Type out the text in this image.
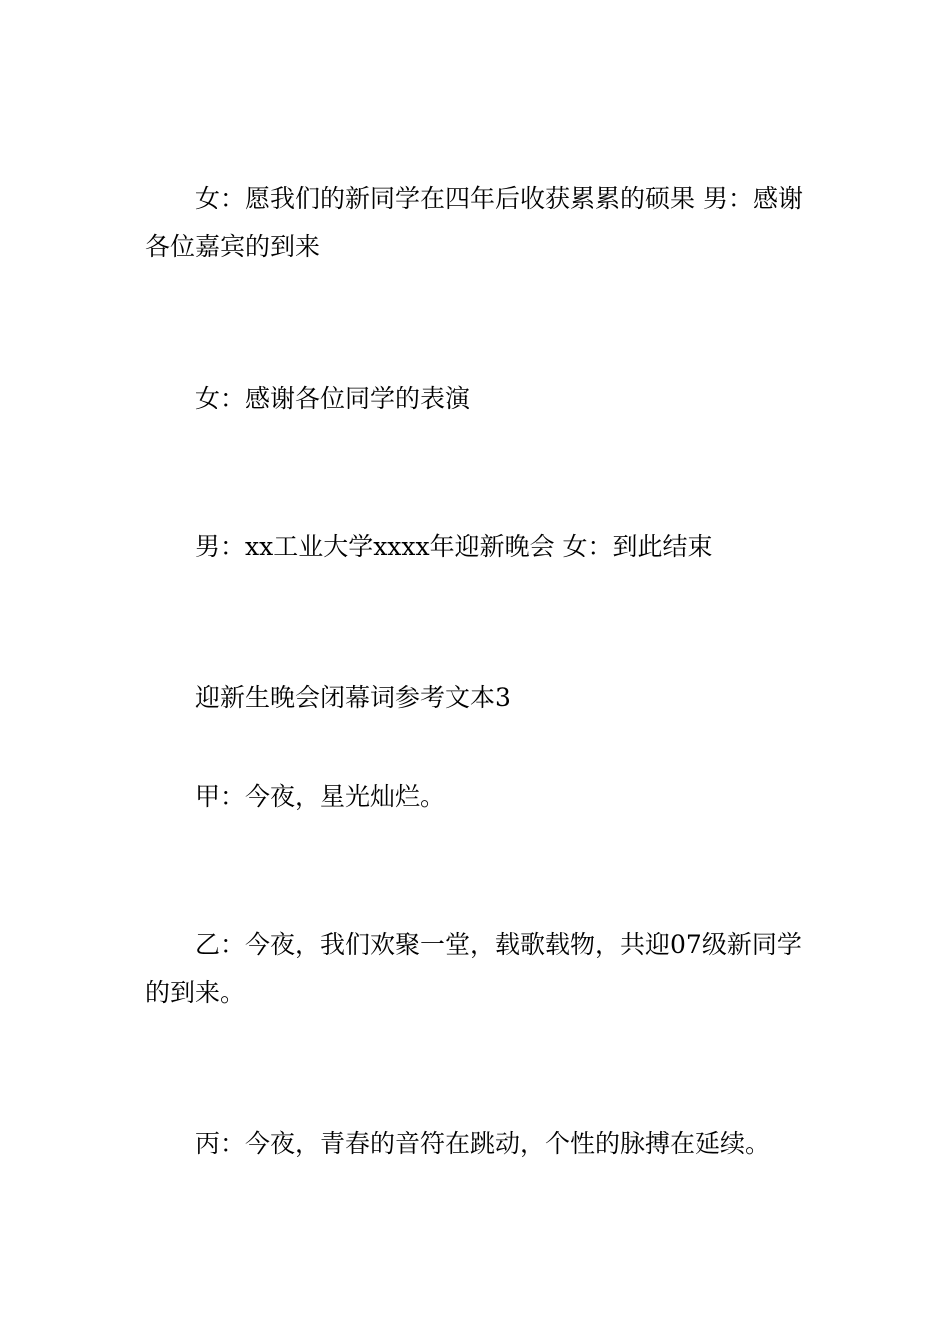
女：愿我们的新同学在四年后收获累累的硕果 男：感谢各位嘉宾的到来

女：感谢各位同学的表演

男：xx工业大学xxxx年迎新晚会 女：到此结束

迎新生晚会闭幕词参考文本3

甲：今夜，星光灿烂。

乙：今夜，我们欢聚一堂，载歌载物，共迎07级新同学的到来。

丙：今夜，青春的音符在跳动，个性的脉搏在延续。
